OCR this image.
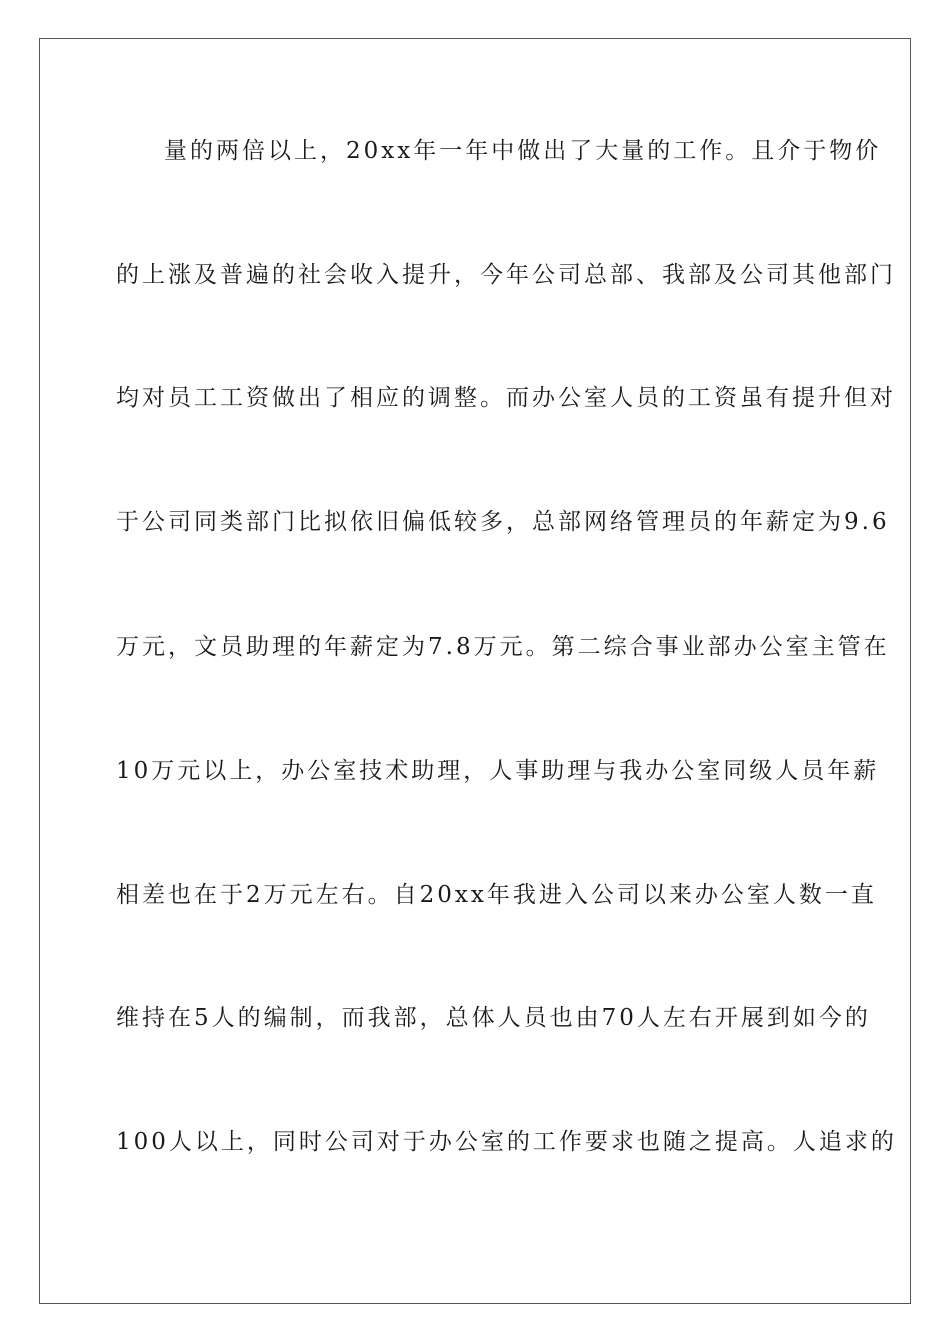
量的两倍以上，20xx年一年中做出了大量的工作。且介于物价
的上涨及普遍的社会收入提升，今年公司总部、我部及公司其他部门
均对员工工资做出了相应的调整。而办公室人员的工资虽有提升但对
于公司同类部门比拟依旧偏低较多，总部网络管理员的年薪定为9.6
万元，文员助理的年薪定为7.8万元。第二综合事业部办公室主管在
10万元以上，办公室技术助理，人事助理与我办公室同级人员年薪
相差也在于2万元左右。自20xx年我进入公司以来办公室人数一直
维持在5人的编制，而我部，总体人员也由70人左右开展到如今的
100人以上，同时公司对于办公室的工作要求也随之提高。人追求的
